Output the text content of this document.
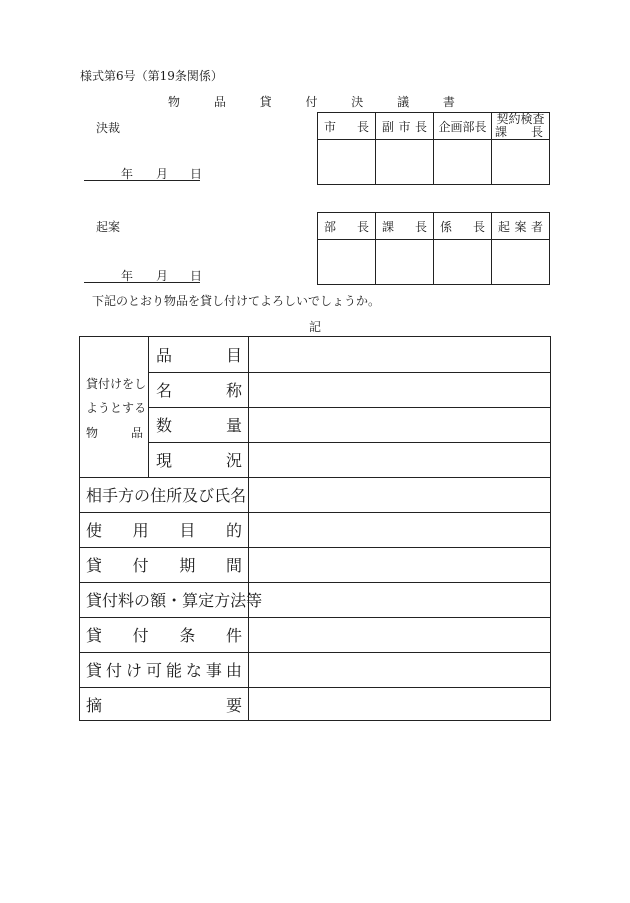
様式第6号（第19条関係）
物 品 貸 付 決 議 書
決裁
年 月 日
市 長	副 市 長	企画部長	契約検査
課　　長

起案
年 月 日
部 長	課 長	係 長	起 案 者

下記のとおり物品を貸し付けてよろしいでしょうか。
記
貸 付 け を し
よ う と す る
物	品
品	目
名	称
数	量
現	況
相 手 方 の 住 所 及 び 氏 名
使 用 目 的
貸 付 期 間
貸 付 料 の 額 ・ 算 定 方 法 等
貸 付 条 件
貸 付 け 可 能 な 事 由
摘	要
